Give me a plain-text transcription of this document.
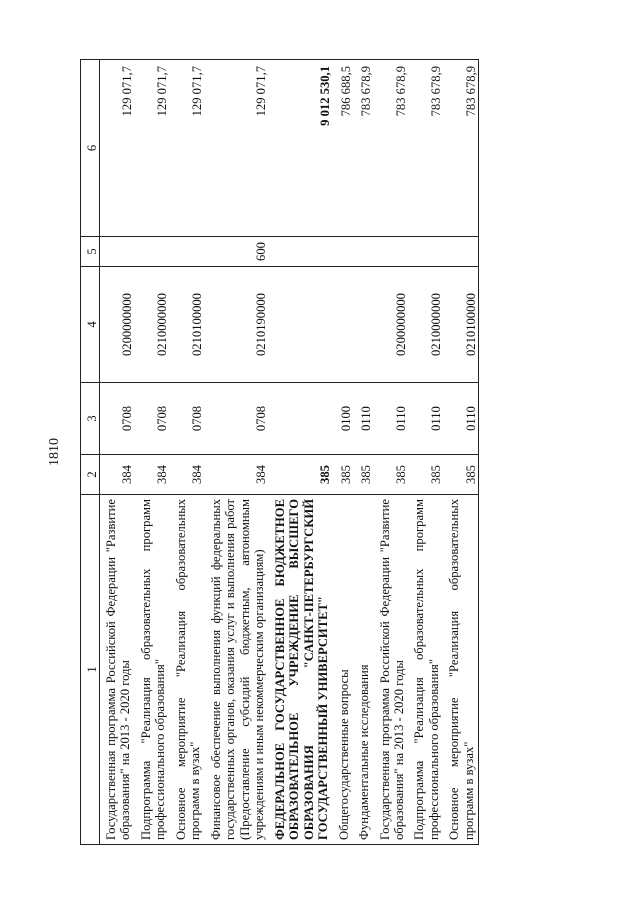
1810
1	2	3	4	5	6
Государственная программа Российской Федерации "Развитие образования" на 2013 - 2020 годы	384	0708	0200000000		129 071,7
Подпрограмма "Реализация образовательных программ профессионального образования"	384	0708	0210000000		129 071,7
Основное мероприятие "Реализация образовательных программ в вузах"	384	0708	0210100000		129 071,7
Финансовое обеспечение выполнения функций федеральных государственных органов, оказания услуг и выполнения работ (Предоставление субсидий бюджетным, автономным учреждениям и иным некоммерческим организациям)	384	0708	0210190000	600	129 071,7
ФЕДЕРАЛЬНОЕ ГОСУДАРСТВЕННОЕ БЮДЖЕТНОЕ ОБРАЗОВАТЕЛЬНОЕ УЧРЕЖДЕНИЕ ВЫСШЕГО ОБРАЗОВАНИЯ "САНКТ-ПЕТЕРБУРГСКИЙ ГОСУДАРСТВЕННЫЙ УНИВЕРСИТЕТ"	385				9 012 530,1
Общегосударственные вопросы	385	0100			786 688,5
Фундаментальные исследования	385	0110			783 678,9
Государственная программа Российской Федерации "Развитие образования" на 2013 - 2020 годы	385	0110	0200000000		783 678,9
Подпрограмма "Реализация образовательных программ профессионального образования"	385	0110	0210000000		783 678,9
Основное мероприятие "Реализация образовательных программ в вузах"	385	0110	0210100000		783 678,9
